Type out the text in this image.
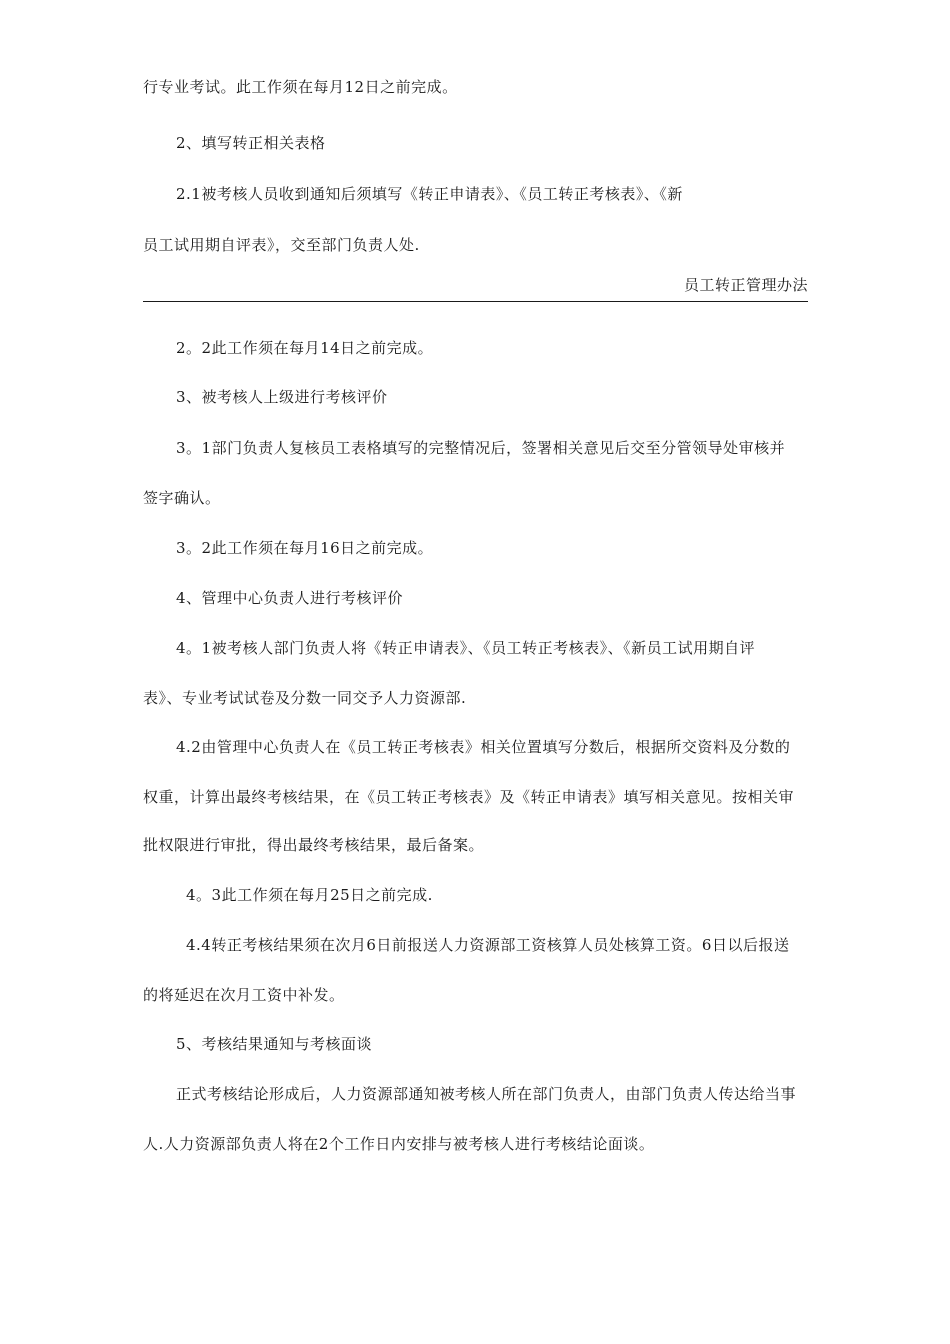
行专业考试。此工作须在每月12日之前完成。
2、填写转正相关表格
2.1被考核人员收到通知后须填写《转正申请表》、《员工转正考核表》、《新
员工试用期自评表》，交至部门负责人处.
员工转正管理办法
2。2此工作须在每月14日之前完成。
3、被考核人上级进行考核评价
3。1部门负责人复核员工表格填写的完整情况后，签署相关意见后交至分管领导处审核并
签字确认。
3。2此工作须在每月16日之前完成。
4、管理中心负责人进行考核评价
4。1被考核人部门负责人将《转正申请表》、《员工转正考核表》、《新员工试用期自评
表》、专业考试试卷及分数一同交予人力资源部.
4.2由管理中心负责人在《员工转正考核表》相关位置填写分数后，根据所交资料及分数的
权重，计算出最终考核结果，在《员工转正考核表》及《转正申请表》填写相关意见。按相关审
批权限进行审批，得出最终考核结果，最后备案。
4。3此工作须在每月25日之前完成.
4.4转正考核结果须在次月6日前报送人力资源部工资核算人员处核算工资。6日以后报送
的将延迟在次月工资中补发。
5、考核结果通知与考核面谈
正式考核结论形成后，人力资源部通知被考核人所在部门负责人，由部门负责人传达给当事
人.人力资源部负责人将在2个工作日内安排与被考核人进行考核结论面谈。
